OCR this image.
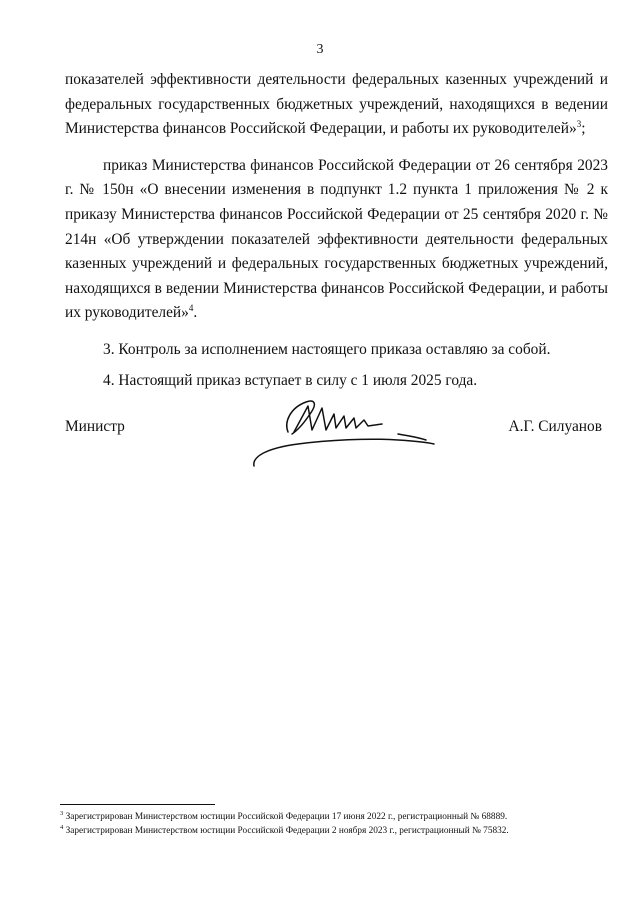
3

показателей эффективности деятельности федеральных казенных учреждений и федеральных государственных бюджетных учреждений, находящихся в ведении Министерства финансов Российской Федерации, и работы их руководителей»$^3$;

приказ Министерства финансов Российской Федерации от 26 сентября 2023 г. № 150н «О внесении изменения в подпункт 1.2 пункта 1 приложения № 2 к приказу Министерства финансов Российской Федерации от 25 сентября 2020 г. № 214н «Об утверждении показателей эффективности деятельности федеральных казенных учреждений и федеральных государственных бюджетных учреждений, находящихся в ведении Министерства финансов Российской Федерации, и работы их руководителей»$^4$.

3. Контроль за исполнением настоящего приказа оставляю за собой.

4. Настоящий приказ вступает в силу с 1 июля 2025 года.

Министр	А.Г. Силуанов

$^3$ Зарегистрирован Министерством юстиции Российской Федерации 17 июня 2022 г., регистрационный № 68889.

$^4$ Зарегистрирован Министерством юстиции Российской Федерации 2 ноября 2023 г., регистрационный № 75832.
